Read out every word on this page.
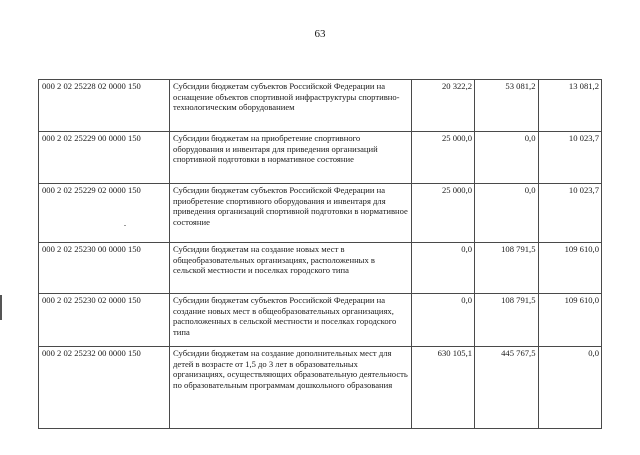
63
000 2 02 25228 02 0000 150	Субсидии бюджетам субъектов Российской Федерации на оснащение объектов спортивной инфраструктуры спортивно-технологическим оборудованием	20 322,2	53 081,2	13 081,2
000 2 02 25229 00 0000 150	Субсидии бюджетам на приобретение спортивного оборудования и инвентаря для приведения организаций спортивной подготовки в нормативное состояние	25 000,0	0,0	10 023,7
000 2 02 25229 02 0000 150	Субсидии бюджетам субъектов Российской Федерации на приобретение спортивного оборудования и инвентаря для приведения организаций спортивной подготовки в нормативное состояние	25 000,0	0,0	10 023,7
000 2 02 25230 00 0000 150	Субсидии бюджетам на создание новых мест в общеобразовательных организациях, расположенных в сельской местности и поселках городского типа	0,0	108 791,5	109 610,0
000 2 02 25230 02 0000 150	Субсидии бюджетам субъектов Российской Федерации на создание новых мест в общеобразовательных организациях, расположенных в сельской местности и поселках городского типа	0,0	108 791,5	109 610,0
000 2 02 25232 00 0000 150	Субсидии бюджетам на создание дополнительных мест для детей в возрасте от 1,5 до 3 лет в образовательных организациях, осуществляющих образовательную деятельность по образовательным программам дошкольного образования	630 105,1	445 767,5	0,0
